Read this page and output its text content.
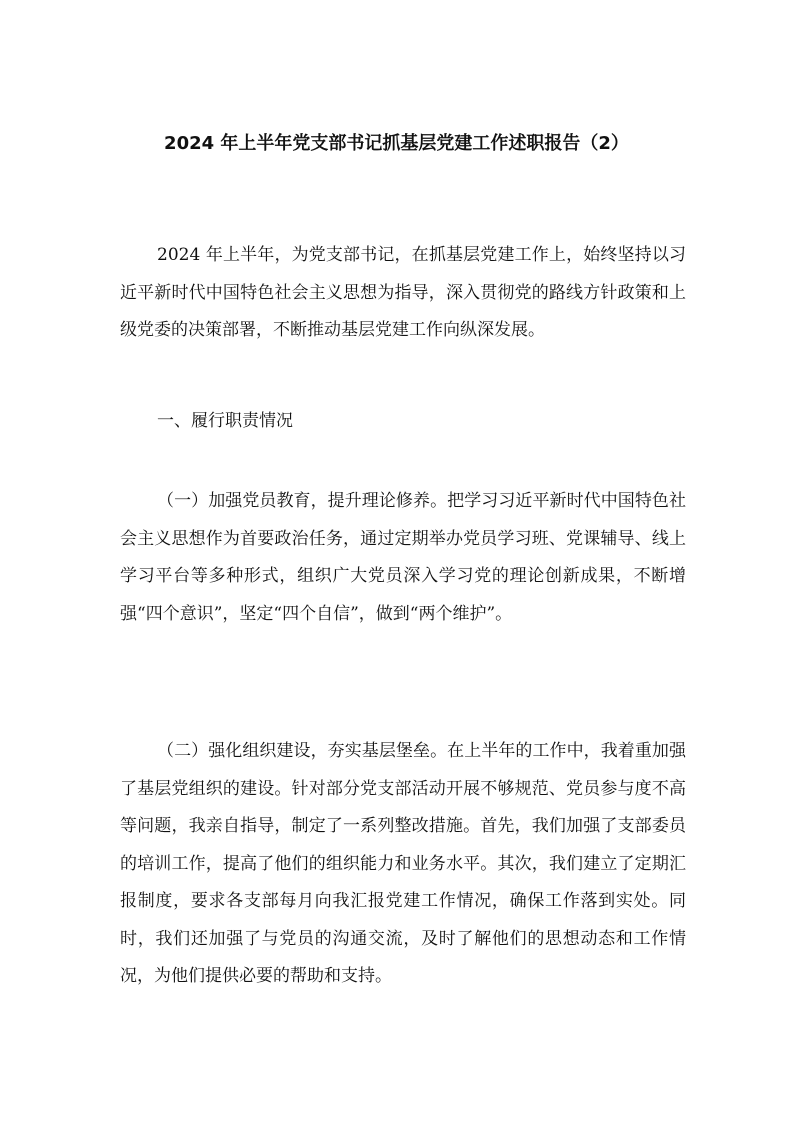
2024 年上半年党支部书记抓基层党建工作述职报告（2）

2024 年上半年，为党支部书记，在抓基层党建工作上，始终坚持以习近平新时代中国特色社会主义思想为指导，深入贯彻党的路线方针政策和上级党委的决策部署，不断推动基层党建工作向纵深发展。

一、履行职责情况

（一）加强党员教育，提升理论修养。把学习习近平新时代中国特色社会主义思想作为首要政治任务，通过定期举办党员学习班、党课辅导、线上学习平台等多种形式，组织广大党员深入学习党的理论创新成果，不断增强“四个意识”，坚定“四个自信”，做到“两个维护”。

（二）强化组织建设，夯实基层堡垒。在上半年的工作中，我着重加强了基层党组织的建设。针对部分党支部活动开展不够规范、党员参与度不高等问题，我亲自指导，制定了一系列整改措施。首先，我们加强了支部委员的培训工作，提高了他们的组织能力和业务水平。其次，我们建立了定期汇报制度，要求各支部每月向我汇报党建工作情况，确保工作落到实处。同时，我们还加强了与党员的沟通交流，及时了解他们的思想动态和工作情况，为他们提供必要的帮助和支持。
